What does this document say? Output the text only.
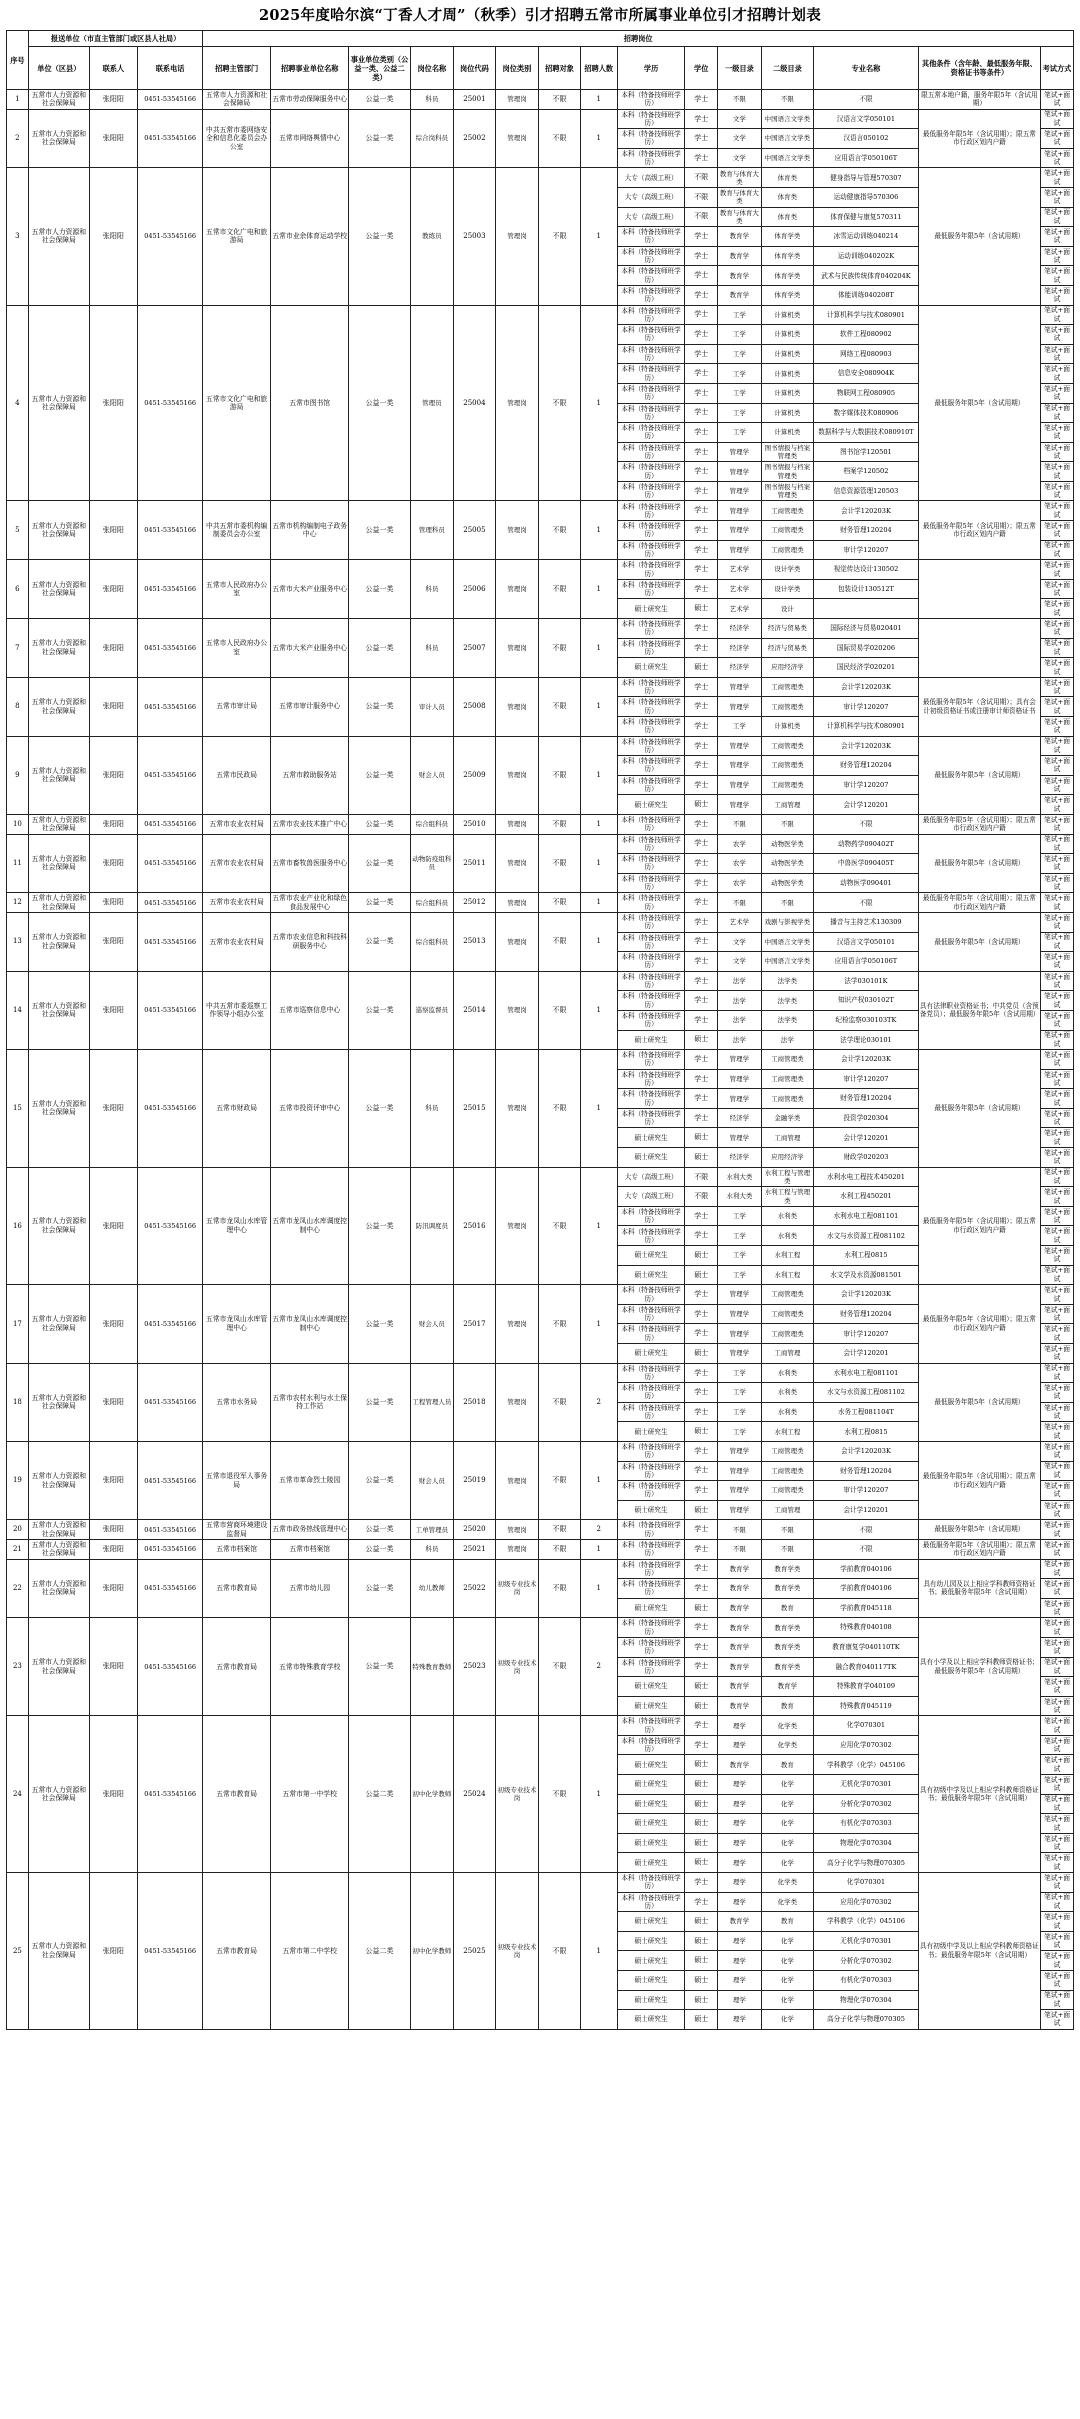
2025年度哈尔滨“丁香人才周”（秋季）引才招聘五常市所属事业单位引才招聘计划表
序号	报送单位（市直主管部门或区县人社局）			招聘岗位														
	单位（区县）	联系人	联系电话	招聘主管部门	招聘事业单位名称	事业单位类别（公益一类、公益二类）	岗位名称	岗位代码	岗位类别	招聘对象	招聘人数	学历	学位	一级目录	二级目录	专业名称	其他条件（含年龄、最低服务年限、资格证书等条件）	考试方式
1	五常市人力资源和社会保障局	张阳阳	0451-53545166	五常市人力资源和社会保障局	五常市劳动保障服务中心	公益一类	科员	25001	管理岗	不限	1	本科（特备技师班学历）	学士	不限	不限	不限	限五常本地户籍，服务年限5年（含试用期）	笔试+面试
2	五常市人力资源和社会保障局	张阳阳	0451-53545166	中共五常市委网络安全和信息化委员会办公室	五常市网络舆情中心	公益一类	综合岗科员	25002	管理岗	不限	1	本科（特备技师班学历）	学士	文学	中国语言文学类	汉语言文学050101	最低服务年限5年（含试用期）；限五常市行政区划内户籍	笔试+面试
												本科（特备技师班学历）	学士	文学	中国语言文学类	汉语言050102		笔试+面试
												本科（特备技师班学历）	学士	文学	中国语言文学类	应用语言学050106T		笔试+面试
3	五常市人力资源和社会保障局	张阳阳	0451-53545166	五常市文化广电和旅游局	五常市业余体育运动学校	公益一类	教练员	25003	管理岗	不限	1	大专（高级工班）	不限	教育与体育大类	体育类	健身指导与管理570307	最低服务年限5年（含试用期）	笔试+面试
												大专（高级工班）	不限	教育与体育大类	体育类	运动健康指导570306		笔试+面试
												大专（高级工班）	不限	教育与体育大类	体育类	体育保健与康复570311		笔试+面试
												本科（特备技师班学历）	学士	教育学	体育学类	冰雪运动训练040214		笔试+面试
												本科（特备技师班学历）	学士	教育学	体育学类	运动训练040202K		笔试+面试
												本科（特备技师班学历）	学士	教育学	体育学类	武术与民族传统体育040204K		笔试+面试
												本科（特备技师班学历）	学士	教育学	体育学类	体能训练040208T		笔试+面试
4	五常市人力资源和社会保障局	张阳阳	0451-53545166	五常市文化广电和旅游局	五常市图书馆	公益一类	管理员	25004	管理岗	不限	1	本科（特备技师班学历）	学士	工学	计算机类	计算机科学与技术080901	最低服务年限5年（含试用期）	笔试+面试
												本科（特备技师班学历）	学士	工学	计算机类	软件工程080902		笔试+面试
												本科（特备技师班学历）	学士	工学	计算机类	网络工程080903		笔试+面试
												本科（特备技师班学历）	学士	工学	计算机类	信息安全080904K		笔试+面试
												本科（特备技师班学历）	学士	工学	计算机类	物联网工程080905		笔试+面试
												本科（特备技师班学历）	学士	工学	计算机类	数字媒体技术080906		笔试+面试
												本科（特备技师班学历）	学士	工学	计算机类	数据科学与大数据技术080910T		笔试+面试
												本科（特备技师班学历）	学士	管理学	图书情报与档案管理类	图书馆学120501		笔试+面试
												本科（特备技师班学历）	学士	管理学	图书情报与档案管理类	档案学120502		笔试+面试
												本科（特备技师班学历）	学士	管理学	图书情报与档案管理类	信息资源管理120503		笔试+面试
5	五常市人力资源和社会保障局	张阳阳	0451-53545166	中共五常市委机构编制委员会办公室	五常市机构编制电子政务中心	公益一类	管理科员	25005	管理岗	不限	1	本科（特备技师班学历）	学士	管理学	工商管理类	会计学120203K	最低服务年限5年（含试用期）；限五常市行政区划内户籍	笔试+面试
												本科（特备技师班学历）	学士	管理学	工商管理类	财务管理120204		笔试+面试
												本科（特备技师班学历）	学士	管理学	工商管理类	审计学120207		笔试+面试
6	五常市人力资源和社会保障局	张阳阳	0451-53545166	五常市人民政府办公室	五常市大米产业服务中心	公益一类	科员	25006	管理岗	不限	1	本科（特备技师班学历）	学士	艺术学	设计学类	视觉传达设计130502		笔试+面试
												本科（特备技师班学历）	学士	艺术学	设计学类	包装设计130512T		笔试+面试
												硕士研究生	硕士	艺术学	设计			笔试+面试
7	五常市人力资源和社会保障局	张阳阳	0451-53545166	五常市人民政府办公室	五常市大米产业服务中心	公益一类	科员	25007	管理岗	不限	1	本科（特备技师班学历）	学士	经济学	经济与贸易类	国际经济与贸易020401		笔试+面试
												本科（特备技师班学历）	学士	经济学	经济与贸易类	国际贸易学020206		笔试+面试
												硕士研究生	硕士	经济学	应用经济学	国民经济学020201		笔试+面试
8	五常市人力资源和社会保障局	张阳阳	0451-53545166	五常市审计局	五常市审计服务中心	公益一类	审计人员	25008	管理岗	不限	1	本科（特备技师班学历）	学士	管理学	工商管理类	会计学120203K	最低服务年限5年（含试用期）；具有会计初级资格证书或注册审计师资格证书	笔试+面试
												本科（特备技师班学历）	学士	管理学	工商管理类	审计学120207		笔试+面试
												本科（特备技师班学历）	学士	工学	计算机类	计算机科学与技术080901		笔试+面试
9	五常市人力资源和社会保障局	张阳阳	0451-53545166	五常市民政局	五常市救助服务站	公益一类	财会人员	25009	管理岗	不限	1	本科（特备技师班学历）	学士	管理学	工商管理类	会计学120203K	最低服务年限5年（含试用期）	笔试+面试
												本科（特备技师班学历）	学士	管理学	工商管理类	财务管理120204		笔试+面试
												本科（特备技师班学历）	学士	管理学	工商管理类	审计学120207		笔试+面试
												硕士研究生	硕士	管理学	工商管理	会计学120201		笔试+面试
10	五常市人力资源和社会保障局	张阳阳	0451-53545166	五常市农业农村局	五常市农业技术推广中心	公益一类	综合组科员	25010	管理岗	不限	1	本科（特备技师班学历）	学士	不限	不限	不限	最低服务年限5年（含试用期）；限五常市行政区划内户籍	笔试+面试
11	五常市人力资源和社会保障局	张阳阳	0451-53545166	五常市农业农村局	五常市畜牧兽医服务中心	公益一类	动物防疫组科员	25011	管理岗	不限	1	本科（特备技师班学历）	学士	农学	动物医学类	动物药学090402T	最低服务年限5年（含试用期）	笔试+面试
												本科（特备技师班学历）	学士	农学	动物医学类	中兽医学090405T		笔试+面试
												本科（特备技师班学历）	学士	农学	动物医学类	动物医学090401		笔试+面试
12	五常市人力资源和社会保障局	张阳阳	0451-53545166	五常市农业农村局	五常市农业产业化和绿色食品发展中心	公益一类	综合组科员	25012	管理岗	不限	1	本科（特备技师班学历）	学士	不限	不限	不限	最低服务年限5年（含试用期）；限五常市行政区划内户籍	笔试+面试
13	五常市人力资源和社会保障局	张阳阳	0451-53545166	五常市农业农村局	五常市农业信息和科技科研服务中心	公益一类	综合组科员	25013	管理岗	不限	1	本科（特备技师班学历）	学士	艺术学	戏剧与影视学类	播音与主持艺术130309	最低服务年限5年（含试用期）	笔试+面试
												本科（特备技师班学历）	学士	文学	中国语言文学类	汉语言文学050101		笔试+面试
												本科（特备技师班学历）	学士	文学	中国语言文学类	应用语言学050106T		笔试+面试
14	五常市人力资源和社会保障局	张阳阳	0451-53545166	中共五常市委巡察工作领导小组办公室	五常市巡察信息中心	公益一类	巡察监督员	25014	管理岗	不限	1	本科（特备技师班学历）	学士	法学	法学类	法学030101K	具有法律职业资格证书；中共党员（含预备党员）；最低服务年限5年（含试用期）	笔试+面试
												本科（特备技师班学历）	学士	法学	法学类	知识产权030102T		笔试+面试
												本科（特备技师班学历）	学士	法学	法学类	纪检监察030103TK		笔试+面试
												硕士研究生	硕士	法学	法学	法学理论030101		笔试+面试
15	五常市人力资源和社会保障局	张阳阳	0451-53545166	五常市财政局	五常市投资评审中心	公益一类	科员	25015	管理岗	不限	1	本科（特备技师班学历）	学士	管理学	工商管理类	会计学120203K	最低服务年限5年（含试用期）	笔试+面试
												本科（特备技师班学历）	学士	管理学	工商管理类	审计学120207		笔试+面试
												本科（特备技师班学历）	学士	管理学	工商管理类	财务管理120204		笔试+面试
												本科（特备技师班学历）	学士	经济学	金融学类	投资学020304		笔试+面试
												硕士研究生	硕士	管理学	工商管理	会计学120201		笔试+面试
												硕士研究生	硕士	经济学	应用经济学	财政学020203		笔试+面试
16	五常市人力资源和社会保障局	张阳阳	0451-53545166	五常市龙凤山水库管理中心	五常市龙凤山水库调度控制中心	公益一类	防汛调度员	25016	管理岗	不限	1	大专（高级工班）	不限	水利大类	水利工程与管理类	水利水电工程技术450201	最低服务年限5年（含试用期）；限五常市行政区划内户籍	笔试+面试
												大专（高级工班）	不限	水利大类	水利工程与管理类	水利工程450201		笔试+面试
												本科（特备技师班学历）	学士	工学	水利类	水利水电工程081101		笔试+面试
												本科（特备技师班学历）	学士	工学	水利类	水文与水资源工程081102		笔试+面试
												硕士研究生	硕士	工学	水利工程	水利工程0815		笔试+面试
												硕士研究生	硕士	工学	水利工程	水文学及水资源081501		笔试+面试
17	五常市人力资源和社会保障局	张阳阳	0451-53545166	五常市龙凤山水库管理中心	五常市龙凤山水库调度控制中心	公益一类	财会人员	25017	管理岗	不限	1	本科（特备技师班学历）	学士	管理学	工商管理类	会计学120203K	最低服务年限5年（含试用期）；限五常市行政区划内户籍	笔试+面试
												本科（特备技师班学历）	学士	管理学	工商管理类	财务管理120204		笔试+面试
												本科（特备技师班学历）	学士	管理学	工商管理类	审计学120207		笔试+面试
												硕士研究生	硕士	管理学	工商管理	会计学120201		笔试+面试
18	五常市人力资源和社会保障局	张阳阳	0451-53545166	五常市水务局	五常市农村水利与水土保持工作站	公益一类	工程管理人员	25018	管理岗	不限	2	本科（特备技师班学历）	学士	工学	水利类	水利水电工程081101	最低服务年限5年（含试用期）	笔试+面试
												本科（特备技师班学历）	学士	工学	水利类	水文与水资源工程081102		笔试+面试
												本科（特备技师班学历）	学士	工学	水利类	水务工程081104T		笔试+面试
												硕士研究生	硕士	工学	水利工程	水利工程0815		笔试+面试
19	五常市人力资源和社会保障局	张阳阳	0451-53545166	五常市退役军人事务局	五常市革命烈士陵园	公益一类	财会人员	25019	管理岗	不限	1	本科（特备技师班学历）	学士	管理学	工商管理类	会计学120203K	最低服务年限5年（含试用期）；限五常市行政区划内户籍	笔试+面试
												本科（特备技师班学历）	学士	管理学	工商管理类	财务管理120204		笔试+面试
												本科（特备技师班学历）	学士	管理学	工商管理类	审计学120207		笔试+面试
												硕士研究生	硕士	管理学	工商管理	会计学120201		笔试+面试
20	五常市人力资源和社会保障局	张阳阳	0451-53545166	五常市营商环境建设监督局	五常市政务热线管理中心	公益一类	工单管理员	25020	管理岗	不限	2	本科（特备技师班学历）	学士	不限	不限	不限	最低服务年限5年（含试用期）	笔试+面试
21	五常市人力资源和社会保障局	张阳阳	0451-53545166	五常市档案馆	五常市档案馆	公益一类	科员	25021	管理岗	不限	1	本科（特备技师班学历）	学士	不限	不限	不限	最低服务年限5年（含试用期）；限五常市行政区划内户籍	笔试+面试
22	五常市人力资源和社会保障局	张阳阳	0451-53545166	五常市教育局	五常市幼儿园	公益一类	幼儿教师	25022	初级专业技术岗	不限	1	本科（特备技师班学历）	学士	教育学	教育学类	学前教育040106	具有幼儿园及以上相应学科教师资格证书；最低服务年限5年（含试用期）	笔试+面试
												本科（特备技师班学历）	学士	教育学	教育学类	学前教育040106		笔试+面试
												硕士研究生	硕士	教育学	教育	学前教育045118		笔试+面试
23	五常市人力资源和社会保障局	张阳阳	0451-53545166	五常市教育局	五常市特殊教育学校	公益一类	特殊教育教师	25023	初级专业技术岗	不限	2	本科（特备技师班学历）	学士	教育学	教育学类	特殊教育040108	具有小学及以上相应学科教师资格证书；最低服务年限5年（含试用期）	笔试+面试
												本科（特备技师班学历）	学士	教育学	教育学类	教育康复学040110TK		笔试+面试
												本科（特备技师班学历）	学士	教育学	教育学类	融合教育040117TK		笔试+面试
												硕士研究生	硕士	教育学	教育学	特殊教育学040109		笔试+面试
												硕士研究生	硕士	教育学	教育	特殊教育045119		笔试+面试
24	五常市人力资源和社会保障局	张阳阳	0451-53545166	五常市教育局	五常市第一中学校	公益二类	初中化学教师	25024	初级专业技术岗	不限	1	本科（特备技师班学历）	学士	理学	化学类	化学070301	具有初级中学及以上相应学科教师资格证书；最低服务年限5年（含试用期）	笔试+面试
												本科（特备技师班学历）	学士	理学	化学类	应用化学070302		笔试+面试
												硕士研究生	硕士	教育学	教育	学科教学（化学）045106		笔试+面试
												硕士研究生	硕士	理学	化学	无机化学070301		笔试+面试
												硕士研究生	硕士	理学	化学	分析化学070302		笔试+面试
												硕士研究生	硕士	理学	化学	有机化学070303		笔试+面试
												硕士研究生	硕士	理学	化学	物理化学070304		笔试+面试
												硕士研究生	硕士	理学	化学	高分子化学与物理070305		笔试+面试
25	五常市人力资源和社会保障局	张阳阳	0451-53545166	五常市教育局	五常市第二中学校	公益二类	初中化学教师	25025	初级专业技术岗	不限	1	本科（特备技师班学历）	学士	理学	化学类	化学070301	具有初级中学及以上相应学科教师资格证书；最低服务年限5年（含试用期）	笔试+面试
												本科（特备技师班学历）	学士	理学	化学类	应用化学070302		笔试+面试
												硕士研究生	硕士	教育学	教育	学科教学（化学）045106		笔试+面试
												硕士研究生	硕士	理学	化学	无机化学070301		笔试+面试
												硕士研究生	硕士	理学	化学	分析化学070302		笔试+面试
												硕士研究生	硕士	理学	化学	有机化学070303		笔试+面试
												硕士研究生	硕士	理学	化学	物理化学070304		笔试+面试
												硕士研究生	硕士	理学	化学	高分子化学与物理070305		笔试+面试
